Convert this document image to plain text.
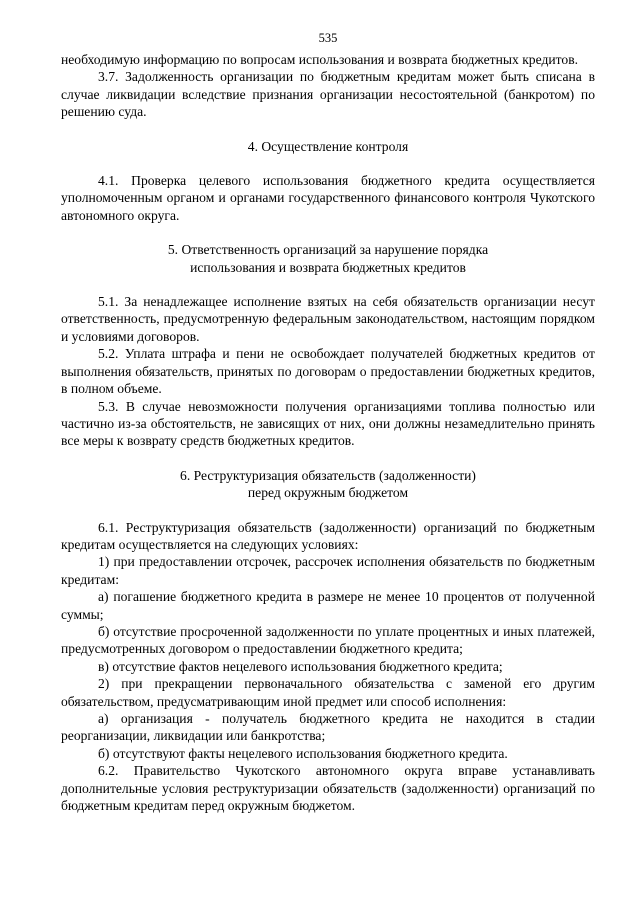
535

необходимую информацию по вопросам использования и возврата бюджетных кредитов.

3.7. Задолженность организации по бюджетным кредитам может быть списана в случае ликвидации вследствие признания организации несостоятельной (банкротом) по решению суда.

4. Осуществление контроля

4.1. Проверка целевого использования бюджетного кредита осуществляется уполномоченным органом и органами государственного финансового контроля Чукотского автономного округа.

5. Ответственность организаций за нарушение порядка
использования и возврата бюджетных кредитов

5.1. За ненадлежащее исполнение взятых на себя обязательств организации несут ответственность, предусмотренную федеральным законодательством, настоящим порядком и условиями договоров.

5.2. Уплата штрафа и пени не освобождает получателей бюджетных кредитов от выполнения обязательств, принятых по договорам о предоставлении бюджетных кредитов, в полном объеме.

5.3. В случае невозможности получения организациями топлива полностью или частично из-за обстоятельств, не зависящих от них, они должны незамедлительно принять все меры к возврату средств бюджетных кредитов.

6. Реструктуризация обязательств (задолженности)
перед окружным бюджетом

6.1. Реструктуризация обязательств (задолженности) организаций по бюджетным кредитам осуществляется на следующих условиях:

1) при предоставлении отсрочек, рассрочек исполнения обязательств по бюджетным кредитам:

а) погашение бюджетного кредита в размере не менее 10 процентов от полученной суммы;

б) отсутствие просроченной задолженности по уплате процентных и иных платежей, предусмотренных договором о предоставлении бюджетного кредита;

в) отсутствие фактов нецелевого использования бюджетного кредита;

2) при прекращении первоначального обязательства с заменой его другим обязательством, предусматривающим иной предмет или способ исполнения:

а) организация - получатель бюджетного кредита не находится в стадии реорганизации, ликвидации или банкротства;

б) отсутствуют факты нецелевого использования бюджетного кредита.

6.2. Правительство Чукотского автономного округа вправе устанавливать дополнительные условия реструктуризации обязательств (задолженности) организаций по бюджетным кредитам перед окружным бюджетом.
